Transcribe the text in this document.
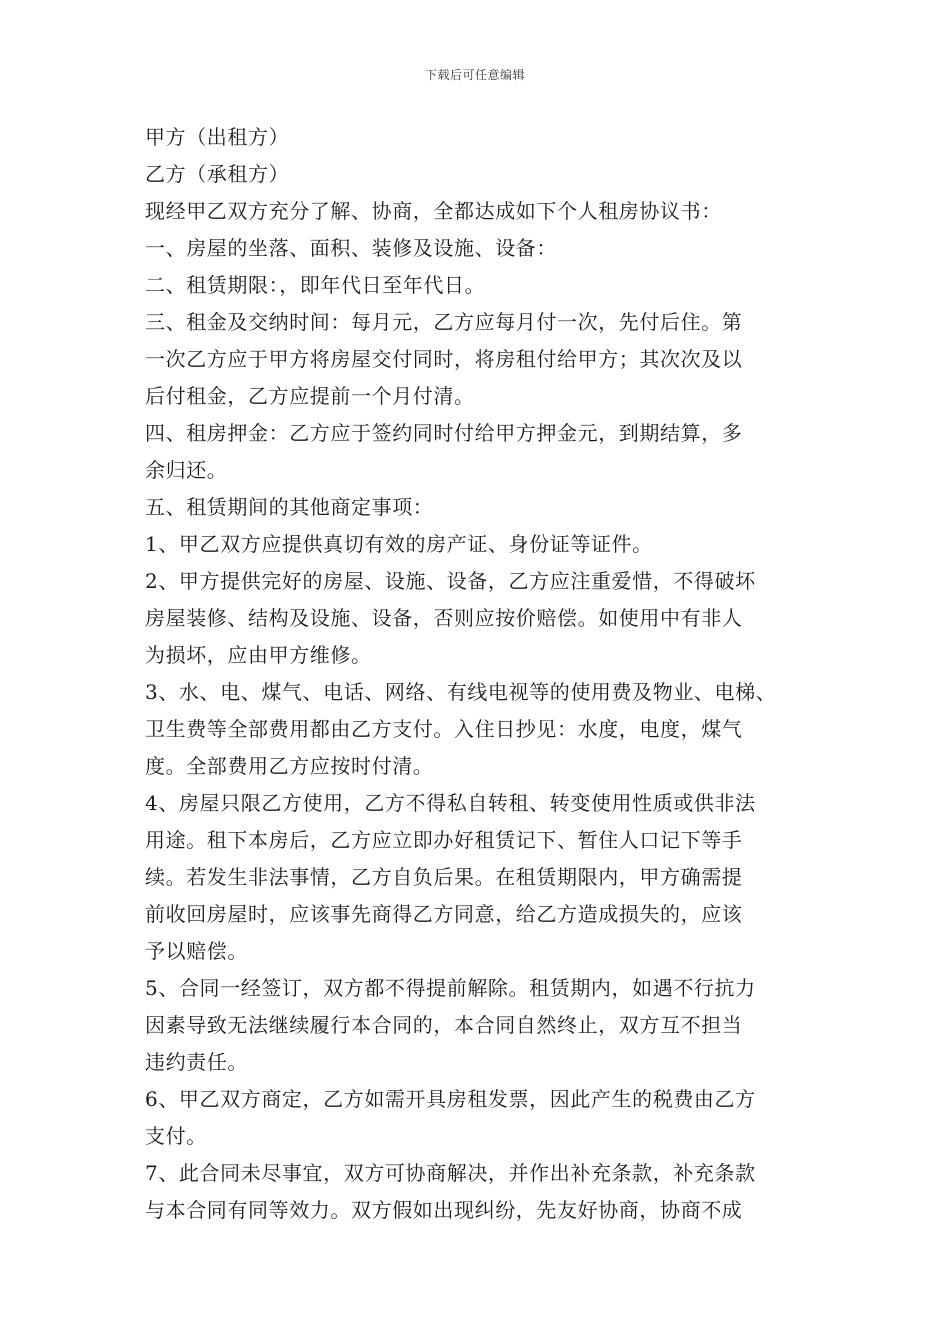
下载后可任意编辑
甲方（出租方）
乙方（承租方）
现经甲乙双方充分了解、协商，全都达成如下个人租房协议书：
一、房屋的坐落、面积、装修及设施、设备：
二、租赁期限：，即年代日至年代日。
三、租金及交纳时间：每月元，乙方应每月付一次，先付后住。第
一次乙方应于甲方将房屋交付同时，将房租付给甲方；其次次及以
后付租金，乙方应提前一个月付清。
四、租房押金：乙方应于签约同时付给甲方押金元，到期结算，多
余归还。
五、租赁期间的其他商定事项：
1、甲乙双方应提供真切有效的房产证、身份证等证件。
2、甲方提供完好的房屋、设施、设备，乙方应注重爱惜，不得破坏
房屋装修、结构及设施、设备，否则应按价赔偿。如使用中有非人
为损坏，应由甲方维修。
3、水、电、煤气、电话、网络、有线电视等的使用费及物业、电梯、
卫生费等全部费用都由乙方支付。入住日抄见：水度，电度，煤气
度。全部费用乙方应按时付清。
4、房屋只限乙方使用，乙方不得私自转租、转变使用性质或供非法
用途。租下本房后，乙方应立即办好租赁记下、暂住人口记下等手
续。若发生非法事情，乙方自负后果。在租赁期限内，甲方确需提
前收回房屋时，应该事先商得乙方同意，给乙方造成损失的，应该
予以赔偿。
5、合同一经签订，双方都不得提前解除。租赁期内，如遇不行抗力
因素导致无法继续履行本合同的，本合同自然终止，双方互不担当
违约责任。
6、甲乙双方商定，乙方如需开具房租发票，因此产生的税费由乙方
支付。
7、此合同未尽事宜，双方可协商解决，并作出补充条款，补充条款
与本合同有同等效力。双方假如出现纠纷，先友好协商，协商不成
